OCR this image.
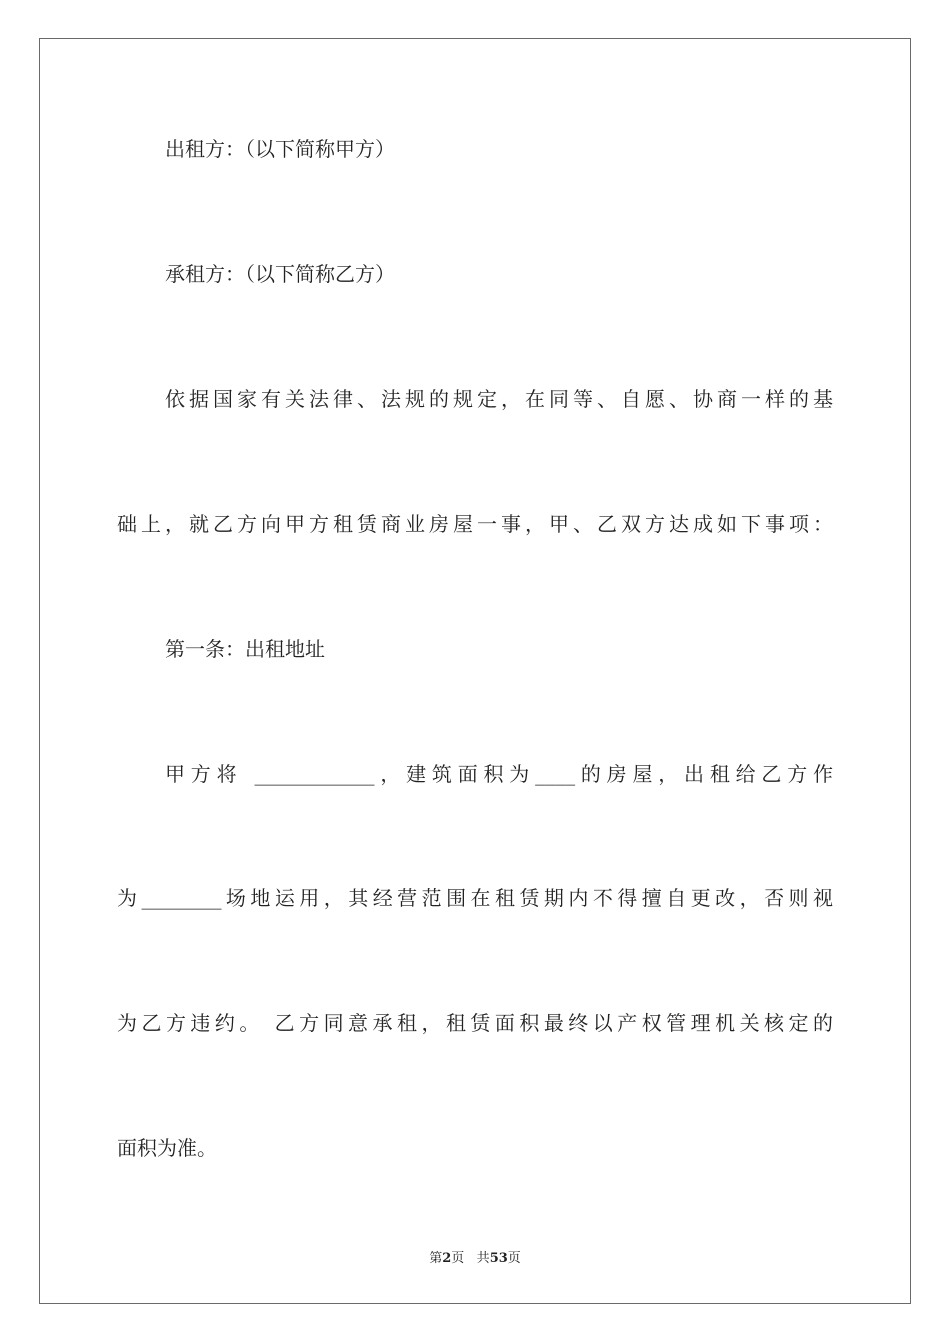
出租方：（以下简称甲方）

承租方：（以下简称乙方）

依据国家有关法律、法规的规定，在同等、自愿、协商一样的基

础上，就乙方向甲方租赁商业房屋一事，甲、乙双方达成如下事项：

第一条：出租地址

甲方将 ____________，建筑面积为____的房屋，出租给乙方作

为________场地运用，其经营范围在租赁期内不得擅自更改，否则视

为乙方违约。 乙方同意承租，租赁面积最终以产权管理机关核定的

面积为准。

第2页 共53页
